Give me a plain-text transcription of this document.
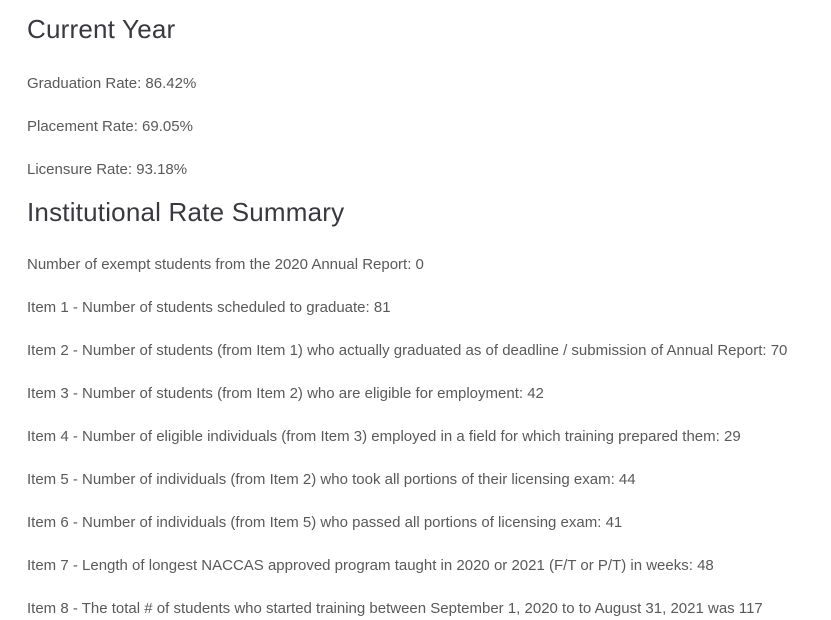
Current Year

Graduation Rate: 86.42%

Placement Rate: 69.05%

Licensure Rate: 93.18%

Institutional Rate Summary

Number of exempt students from the 2020 Annual Report: 0

Item 1 - Number of students scheduled to graduate: 81

Item 2 - Number of students (from Item 1) who actually graduated as of deadline / submission of Annual Report: 70

Item 3 - Number of students (from Item 2) who are eligible for employment: 42

Item 4 - Number of eligible individuals (from Item 3) employed in a field for which training prepared them: 29

Item 5 - Number of individuals (from Item 2) who took all portions of their licensing exam: 44

Item 6 - Number of individuals (from Item 5) who passed all portions of licensing exam: 41

Item 7 - Length of longest NACCAS approved program taught in 2020 or 2021 (F/T or P/T) in weeks: 48

Item 8 - The total # of students who started training between September 1, 2020 to to August 31, 2021 was 117
